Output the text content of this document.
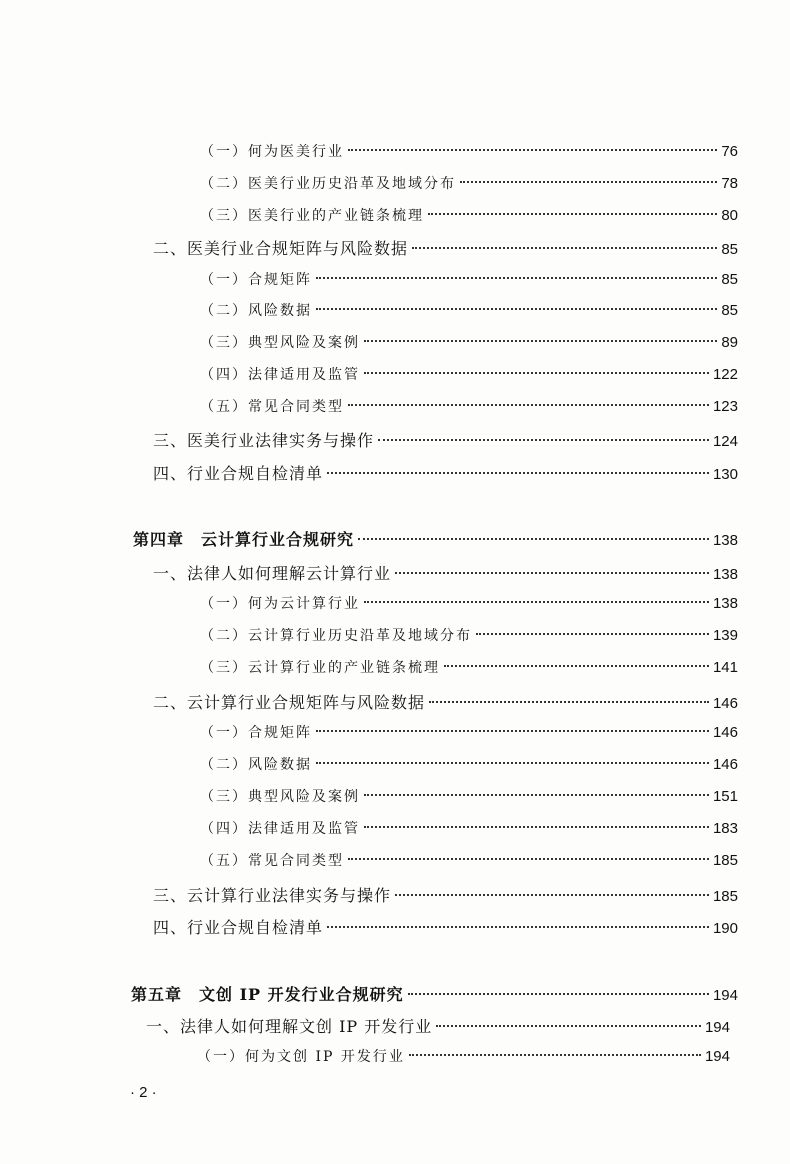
（一）何为医美行业	76
（二）医美行业历史沿革及地域分布	78
（三）医美行业的产业链条梳理	80
二、医美行业合规矩阵与风险数据	85
（一）合规矩阵	85
（二）风险数据	85
（三）典型风险及案例	89
（四）法律适用及监管	122
（五）常见合同类型	123
三、医美行业法律实务与操作	124
四、行业合规自检清单	130
第四章　云计算行业合规研究	138
一、法律人如何理解云计算行业	138
（一）何为云计算行业	138
（二）云计算行业历史沿革及地域分布	139
（三）云计算行业的产业链条梳理	141
二、云计算行业合规矩阵与风险数据	146
（一）合规矩阵	146
（二）风险数据	146
（三）典型风险及案例	151
（四）法律适用及监管	183
（五）常见合同类型	185
三、云计算行业法律实务与操作	185
四、行业合规自检清单	190
第五章　文创 IP 开发行业合规研究	194
一、法律人如何理解文创 IP 开发行业	194
（一）何为文创 IP 开发行业	194
· 2 ·
